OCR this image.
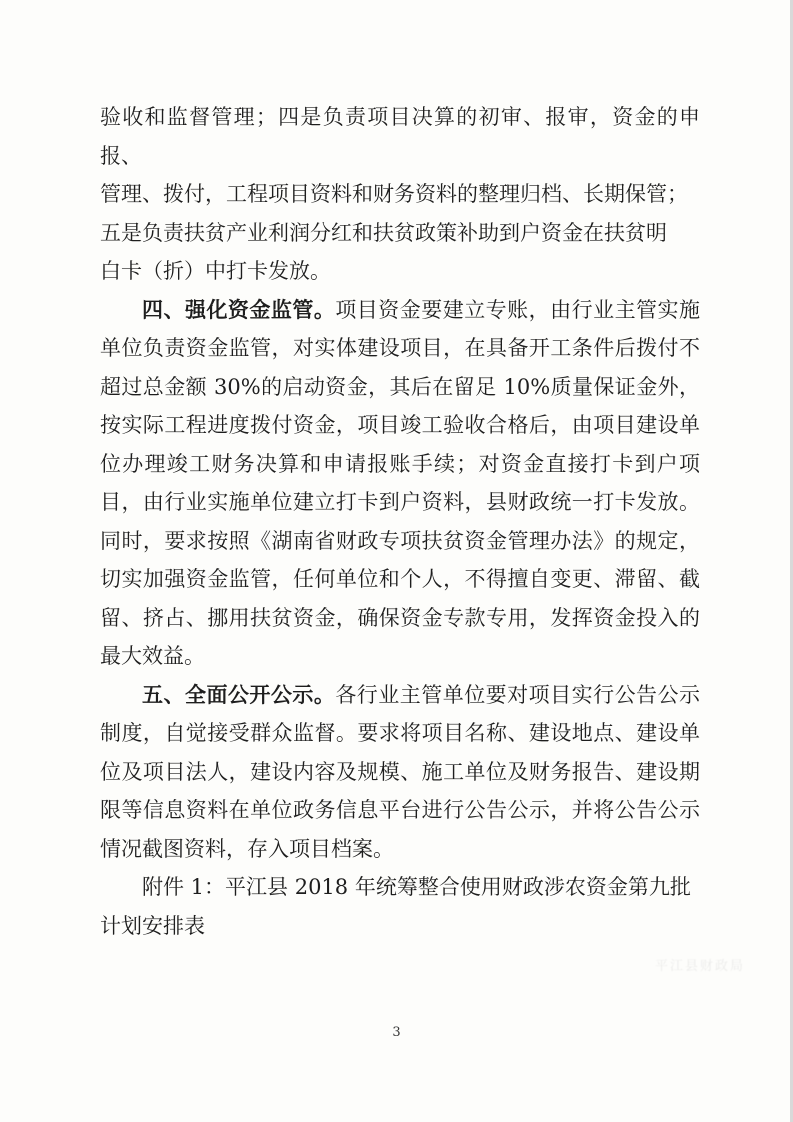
验收和监督管理；四是负责项目决算的初审、报审，资金的申报、

管理、拨付，工程项目资料和财务资料的整理归档、长期保管；

五是负责扶贫产业利润分红和扶贫政策补助到户资金在扶贫明

白卡（折）中打卡发放。

四、强化资金监管。项目资金要建立专账，由行业主管实施单位负责资金监管，对实体建设项目，在具备开工条件后拨付不超过总金额 30%的启动资金，其后在留足 10%质量保证金外，按实际工程进度拨付资金，项目竣工验收合格后，由项目建设单位办理竣工财务决算和申请报账手续；对资金直接打卡到户项目，由行业实施单位建立打卡到户资料，县财政统一打卡发放。同时，要求按照《湖南省财政专项扶贫资金管理办法》的规定，切实加强资金监管，任何单位和个人，不得擅自变更、滞留、截留、挤占、挪用扶贫资金，确保资金专款专用，发挥资金投入的最大效益。

五、全面公开公示。各行业主管单位要对项目实行公告公示制度，自觉接受群众监督。要求将项目名称、建设地点、建设单位及项目法人，建设内容及规模、施工单位及财务报告、建设期限等信息资料在单位政务信息平台进行公告公示，并将公告公示情况截图资料，存入项目档案。

附件 1：平江县 2018 年统筹整合使用财政涉农资金第九批

计划安排表

平江县财政局
3
